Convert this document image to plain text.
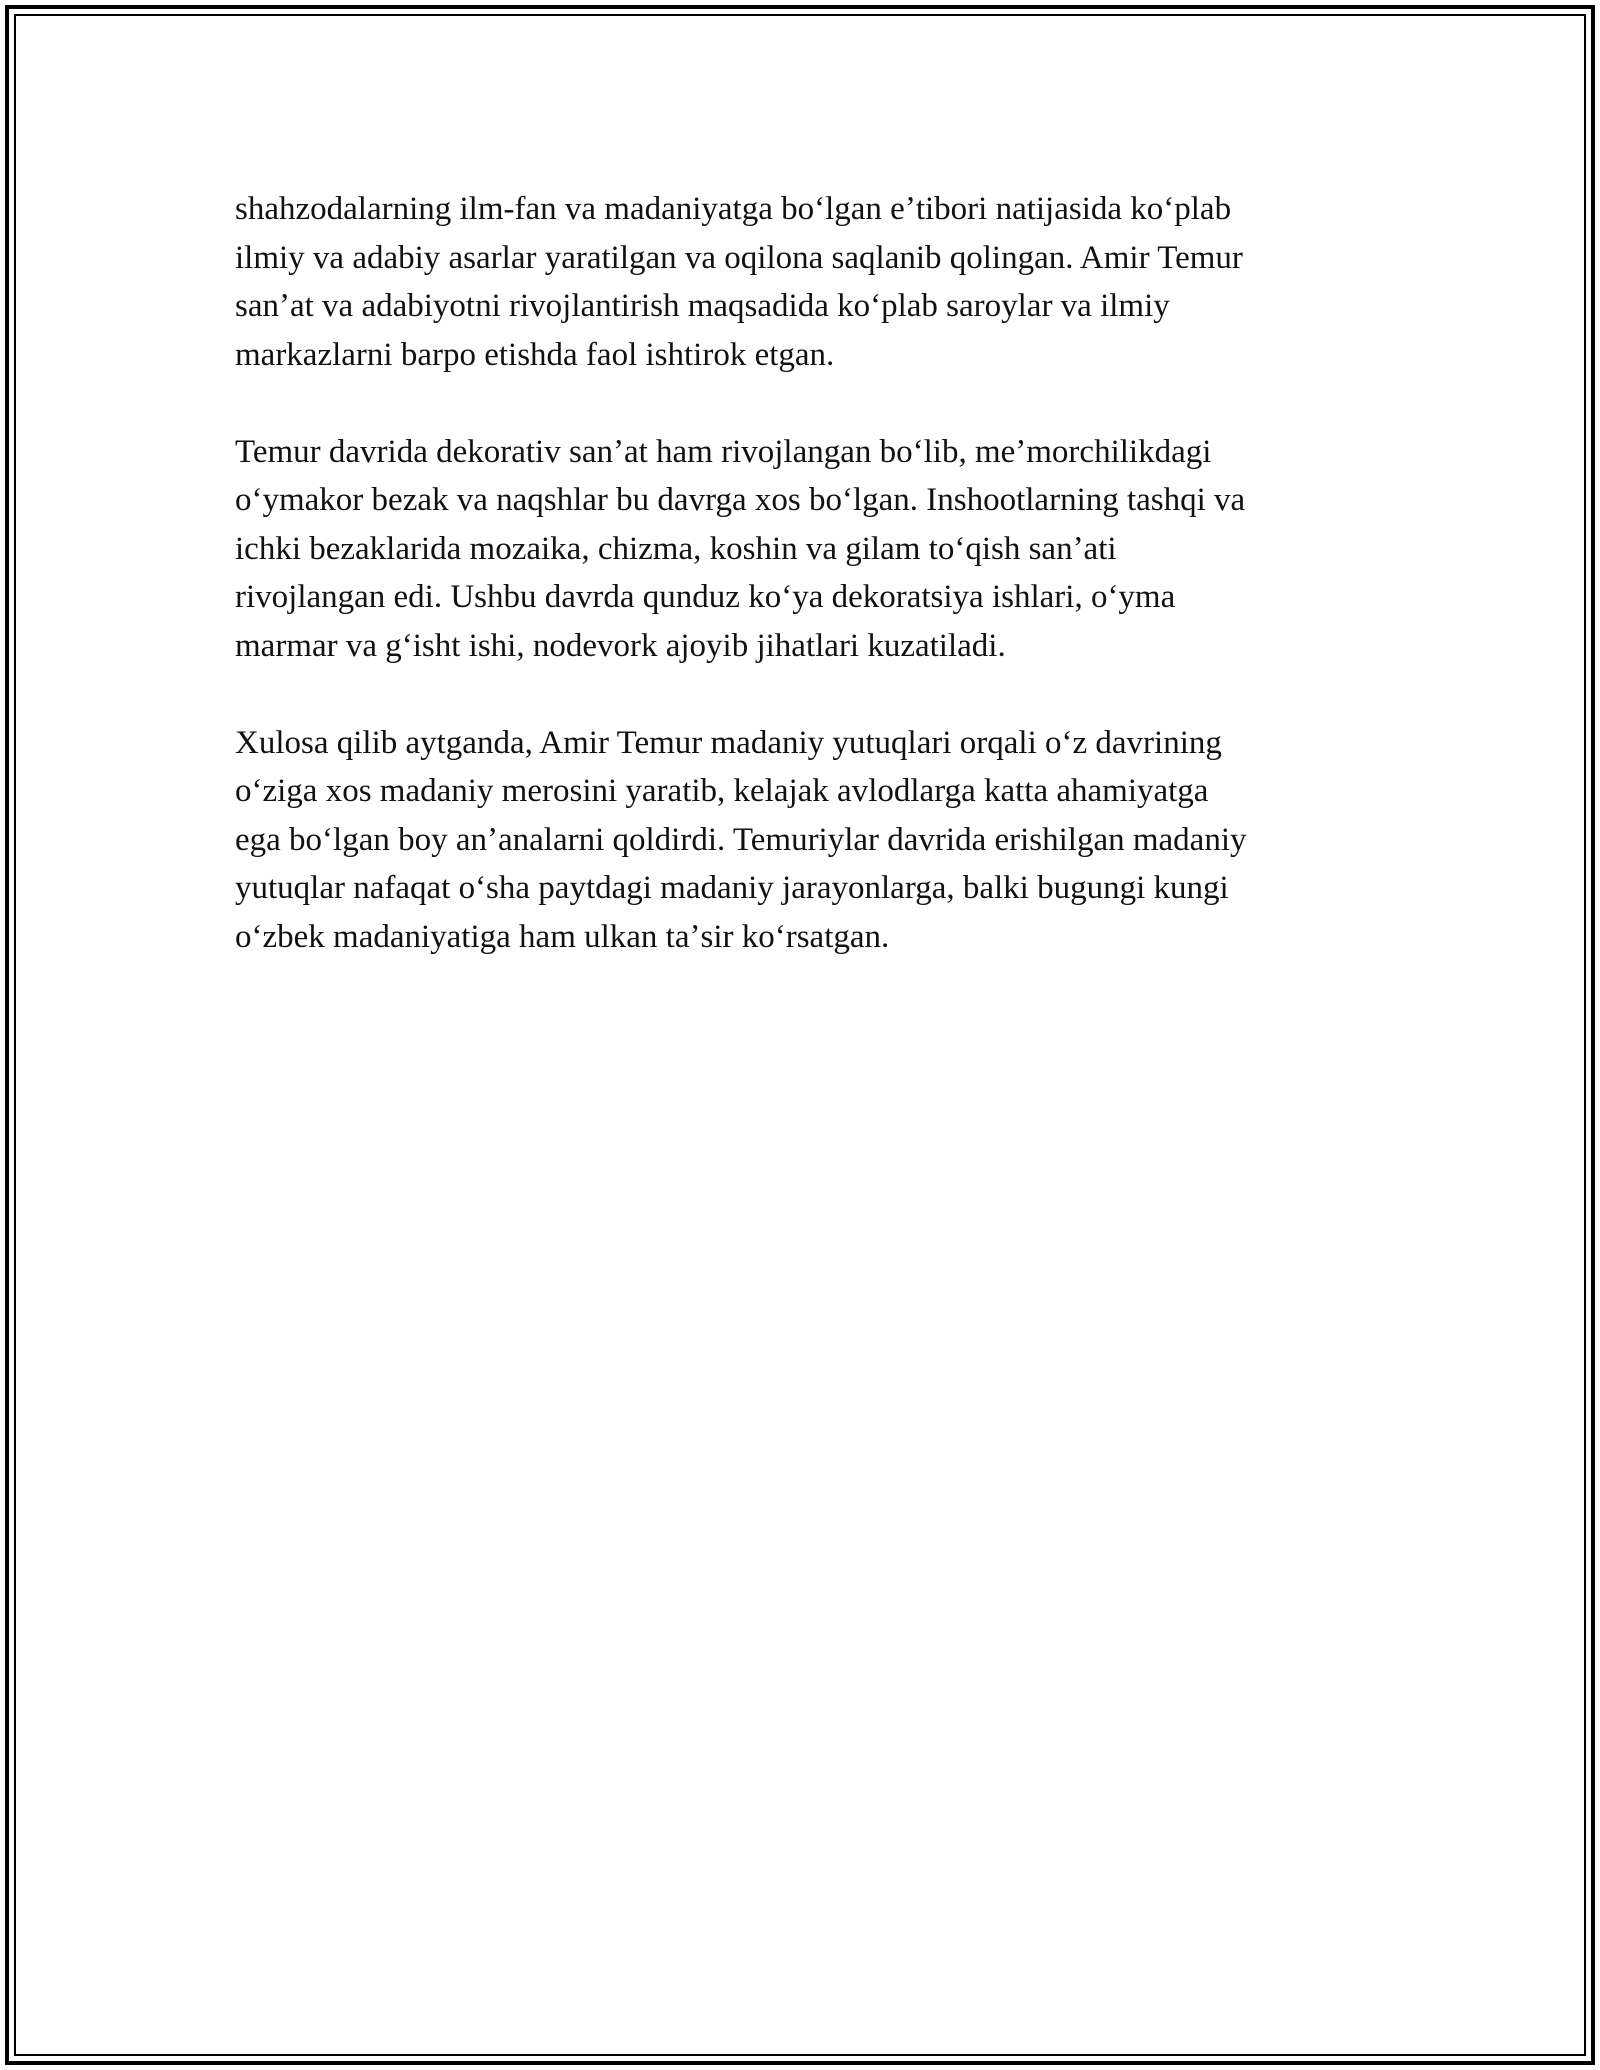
shahzodalarning ilm-fan va madaniyatga boʻlgan eʼtibori natijasida koʻplab
ilmiy va adabiy asarlar yaratilgan va oqilona saqlanib qolingan. Amir Temur
sanʼat va adabiyotni rivojlantirish maqsadida koʻplab saroylar va ilmiy
markazlarni barpo etishda faol ishtirok etgan.

Temur davrida dekorativ sanʼat ham rivojlangan boʻlib, meʼmorchilikdagi
oʻymakor bezak va naqshlar bu davrga xos boʻlgan. Inshootlarning tashqi va
ichki bezaklarida mozaika, chizma, koshin va gilam toʻqish sanʼati
rivojlangan edi. Ushbu davrda qunduz koʻya dekoratsiya ishlari, oʻyma
marmar va gʻisht ishi, nodevork ajoyib jihatlari kuzatiladi.

Xulosa qilib aytganda, Amir Temur madaniy yutuqlari orqali oʻz davrining
oʻziga xos madaniy merosini yaratib, kelajak avlodlarga katta ahamiyatga
ega boʻlgan boy anʼanalarni qoldirdi. Temuriylar davrida erishilgan madaniy
yutuqlar nafaqat oʻsha paytdagi madaniy jarayonlarga, balki bugungi kungi
oʻzbek madaniyatiga ham ulkan taʼsir koʻrsatgan.
